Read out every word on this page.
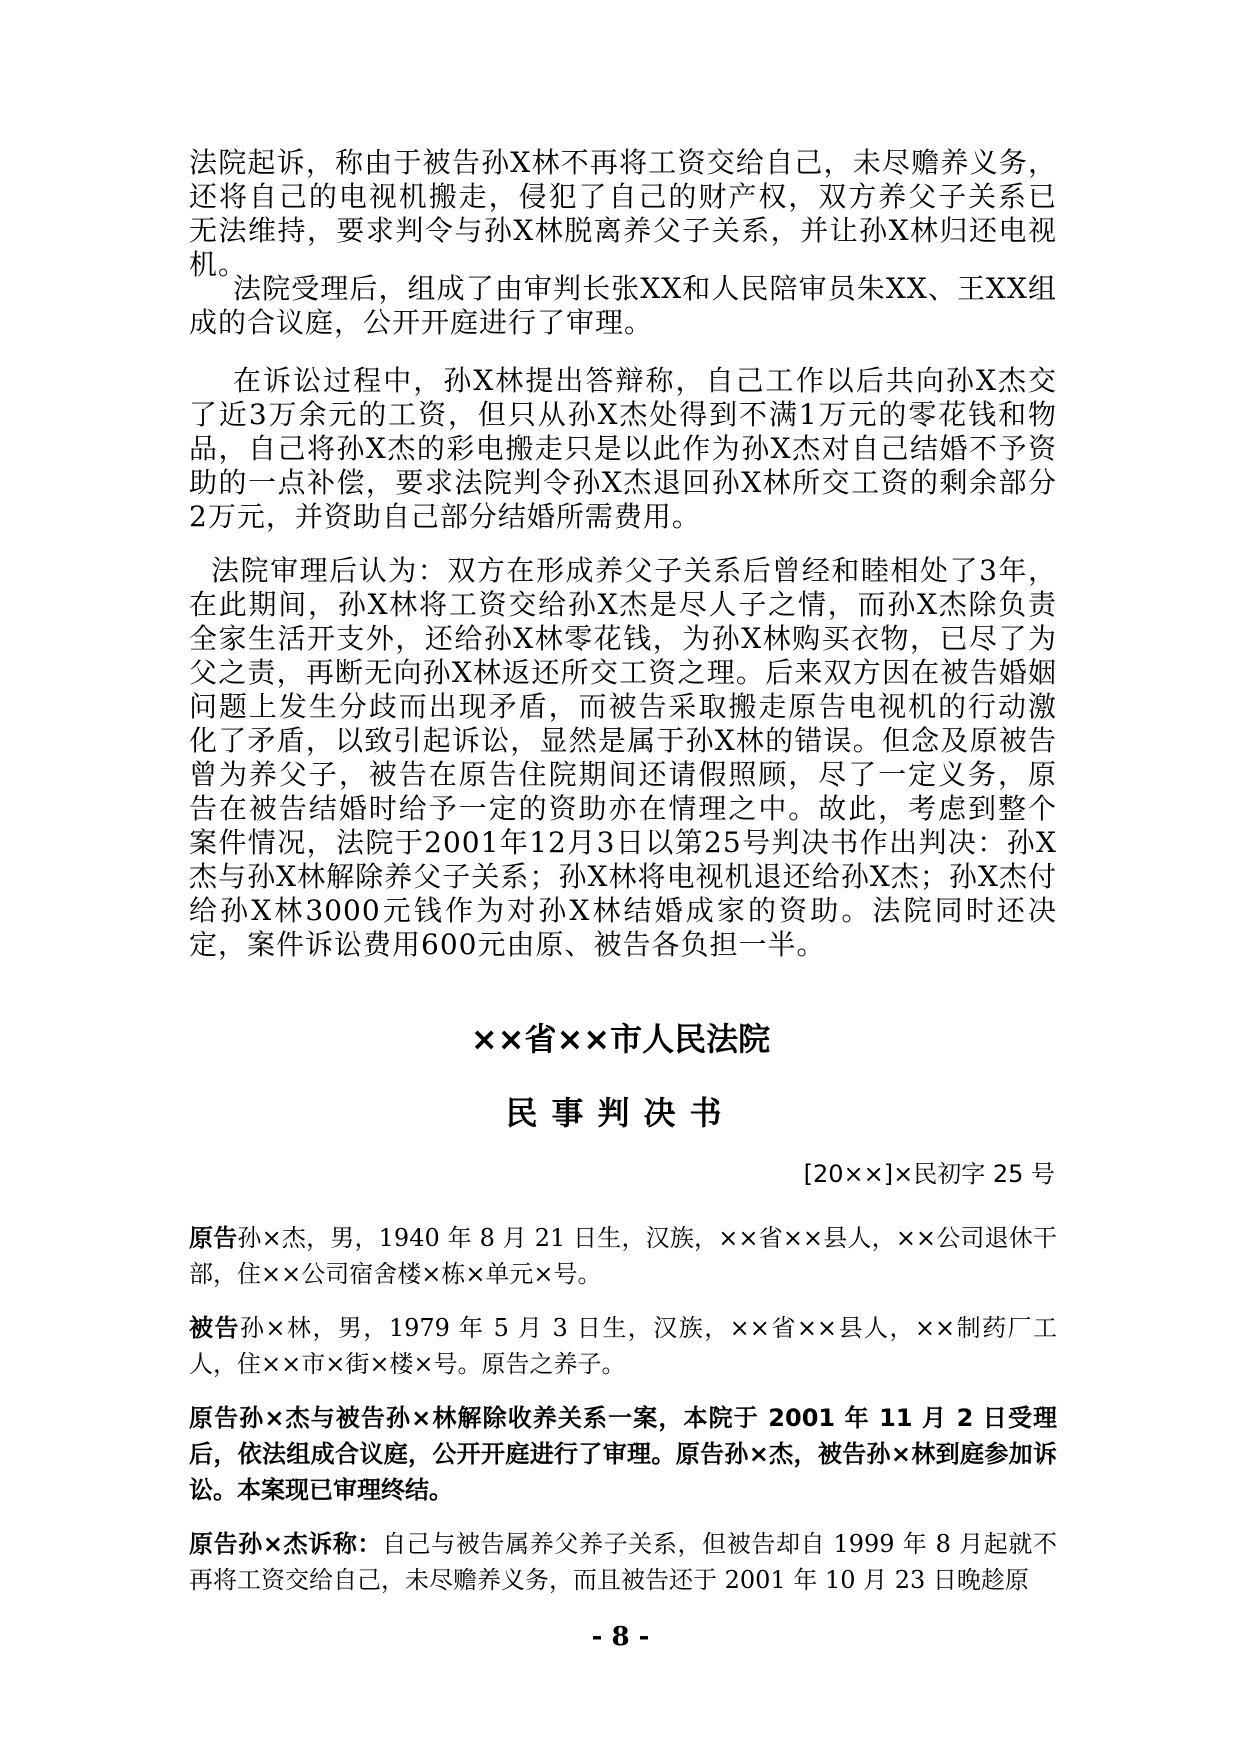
法院起诉，称由于被告孙X林不再将工资交给自己，未尽赡养义务，还将自己的电视机搬走，侵犯了自己的财产权，双方养父子关系已无法维持，要求判令与孙X林脱离养父子关系，并让孙X林归还电视机。

法院受理后，组成了由审判长张XX和人民陪审员朱XX、王XX组成的合议庭，公开开庭进行了审理。

在诉讼过程中，孙X林提出答辩称，自己工作以后共向孙X杰交了近3万余元的工资，但只从孙X杰处得到不满1万元的零花钱和物品，自己将孙X杰的彩电搬走只是以此作为孙X杰对自己结婚不予资助的一点补偿，要求法院判令孙X杰退回孙X林所交工资的剩余部分2万元，并资助自己部分结婚所需费用。

法院审理后认为：双方在形成养父子关系后曾经和睦相处了3年，在此期间，孙X林将工资交给孙X杰是尽人子之情，而孙X杰除负责全家生活开支外，还给孙X林零花钱，为孙X林购买衣物，已尽了为父之责，再断无向孙X林返还所交工资之理。后来双方因在被告婚姻问题上发生分歧而出现矛盾，而被告采取搬走原告电视机的行动激化了矛盾，以致引起诉讼，显然是属于孙X林的错误。但念及原被告曾为养父子，被告在原告住院期间还请假照顾，尽了一定义务，原告在被告结婚时给予一定的资助亦在情理之中。故此，考虑到整个案件情况，法院于2001年12月3日以第25号判决书作出判决：孙X杰与孙X林解除养父子关系；孙X林将电视机退还给孙X杰；孙X杰付给孙X林3000元钱作为对孙X林结婚成家的资助。法院同时还决定，案件诉讼费用600元由原、被告各负担一半。

××省××市人民法院
民事判决书
[20××]×民初字 25 号

原告孙×杰，男，1940 年 8 月 21 日生，汉族，××省××县人，××公司退休干部，住××公司宿舍楼×栋×单元×号。

被告孙×林，男，1979 年 5 月 3 日生，汉族，××省××县人，××制药厂工人，住××市×街×楼×号。原告之养子。

原告孙×杰与被告孙×林解除收养关系一案，本院于 2001 年 11 月 2 日受理后，依法组成合议庭，公开开庭进行了审理。原告孙×杰，被告孙×林到庭参加诉讼。本案现已审理终结。

原告孙×杰诉称：自己与被告属养父养子关系，但被告却自 1999 年 8 月起就不再将工资交给自己，未尽赡养义务，而且被告还于 2001 年 10 月 23 日晚趁原

- 8 -
